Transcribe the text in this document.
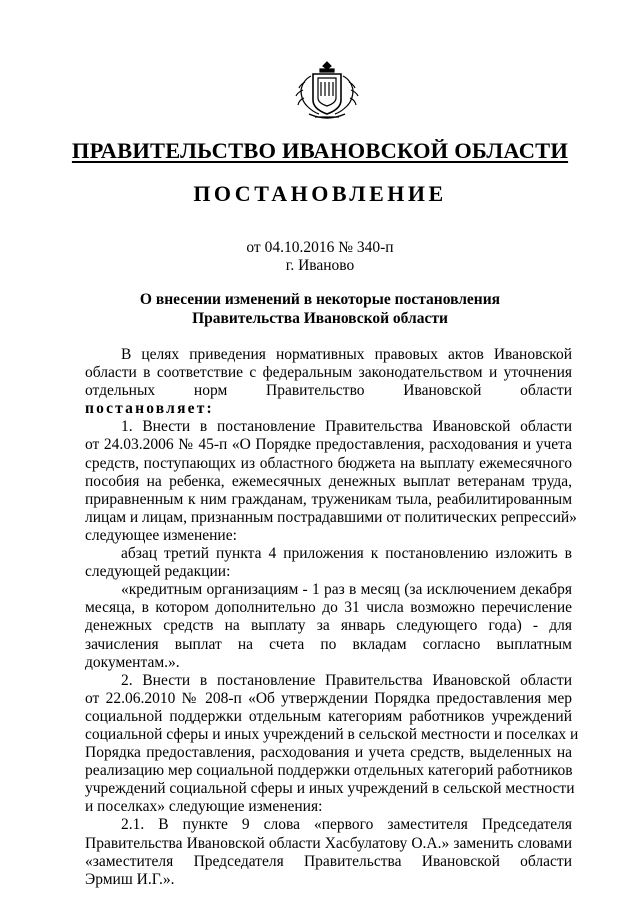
ПРАВИТЕЛЬСТВО ИВАНОВСКОЙ ОБЛАСТИ
ПОСТАНОВЛЕНИЕ
от 04.10.2016 № 340-п
г. Иваново
О внесении изменений в некоторые постановления
Правительства Ивановской области
В целях приведения нормативных правовых актов Ивановской
области в соответствие с федеральным законодательством и уточнения
отдельных норм Правительство Ивановской области
постановляет:
1. Внести в постановление Правительства Ивановской области
от 24.03.2006 № 45-п «О Порядке предоставления, расходования и учета
средств, поступающих из областного бюджета на выплату ежемесячного
пособия на ребенка, ежемесячных денежных выплат ветеранам труда,
приравненным к ним гражданам, труженикам тыла, реабилитированным
лицам и лицам, признанным пострадавшими от политических репрессий»
следующее изменение:
абзац третий пункта 4 приложения к постановлению изложить в
следующей редакции:
«кредитным организациям - 1 раз в месяц (за исключением декабря
месяца, в котором дополнительно до 31 числа возможно перечисление
денежных средств на выплату за январь следующего года) - для
зачисления выплат на счета по вкладам согласно выплатным
документам.».
2. Внести в постановление Правительства Ивановской области
от 22.06.2010 № 208-п «Об утверждении Порядка предоставления мер
социальной поддержки отдельным категориям работников учреждений
социальной сферы и иных учреждений в сельской местности и поселках и
Порядка предоставления, расходования и учета средств, выделенных на
реализацию мер социальной поддержки отдельных категорий работников
учреждений социальной сферы и иных учреждений в сельской местности
и поселках» следующие изменения:
2.1. В пункте 9 слова «первого заместителя Председателя
Правительства Ивановской области Хасбулатову О.А.» заменить словами
«заместителя Председателя Правительства Ивановской области
Эрмиш И.Г.».
